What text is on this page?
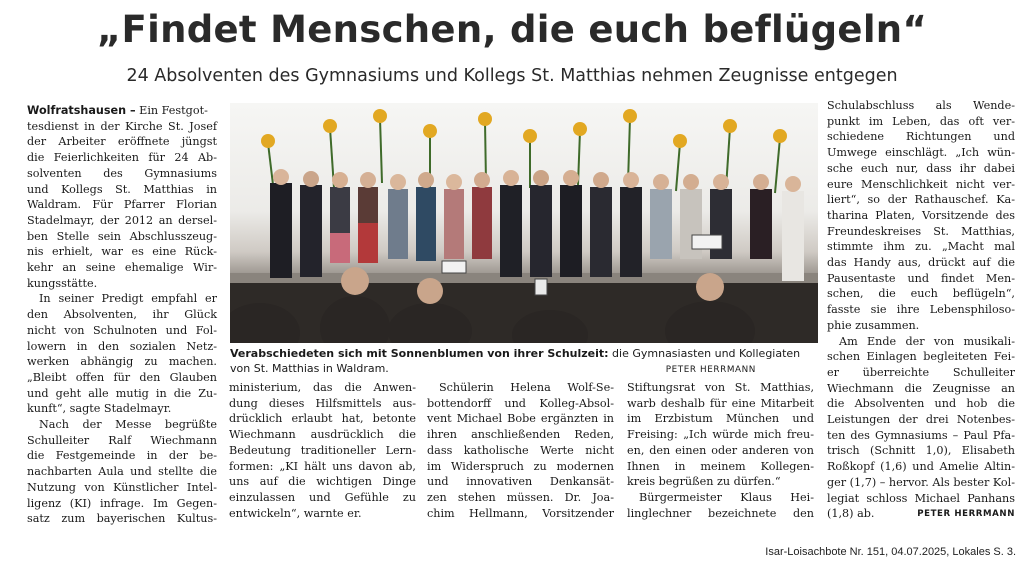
„Findet Menschen, die euch beflügeln“
24 Absolventen des Gymnasiums und Kollegs St. Matthias nehmen Zeugnisse entgegen
Wolfratshausen – Ein Festgot-
tesdienst in der Kirche St. Josef
der Arbeiter eröffnete jüngst
die Feierlichkeiten für 24 Ab-
solventen des Gymnasiums
und Kollegs St. Matthias in
Waldram. Für Pfarrer Florian
Stadelmayr, der 2012 an dersel-
ben Stelle sein Abschlusszeug-
nis erhielt, war es eine Rück-
kehr an seine ehemalige Wir-
kungsstätte.
In seiner Predigt empfahl er
den Absolventen, ihr Glück
nicht von Schulnoten und Fol-
lowern in den sozialen Netz-
werken abhängig zu machen.
„Bleibt offen für den Glauben
und geht alle mutig in die Zu-
kunft“, sagte Stadelmayr.
Nach der Messe begrüßte
Schulleiter Ralf Wiechmann
die Festgemeinde in der be-
nachbarten Aula und stellte die
Nutzung von Künstlicher Intel-
ligenz (KI) infrage. Im Gegen-
satz zum bayerischen Kultus-
Verabschiedeten sich mit Sonnenblumen von ihrer Schulzeit: die Gymnasiasten und Kollegiaten
von St. Matthias in Waldram.	PETER HERRMANN
ministerium, das die Anwen-
dung dieses Hilfsmittels aus-
drücklich erlaubt hat, betonte
Wiechmann ausdrücklich die
Bedeutung traditioneller Lern-
formen: „KI hält uns davon ab,
uns auf die wichtigen Dinge
einzulassen und Gefühle zu
entwickeln“, warnte er.
Schülerin Helena Wolf-Se-
bottendorff und Kolleg-Absol-
vent Michael Bobe ergänzten in
ihren anschließenden Reden,
dass katholische Werte nicht
im Widerspruch zu modernen
und innovativen Denkansät-
zen stehen müssen. Dr. Joa-
chim Hellmann, Vorsitzender
Stiftungsrat von St. Matthias,
warb deshalb für eine Mitarbeit
im Erzbistum München und
Freising: „Ich würde mich freu-
en, den einen oder anderen von
Ihnen in meinem Kollegen-
kreis begrüßen zu dürfen.“
Bürgermeister Klaus Hei-
linglechner bezeichnete den
Schulabschluss als Wende-
punkt im Leben, das oft ver-
schiedene Richtungen und
Umwege einschlägt. „Ich wün-
sche euch nur, dass ihr dabei
eure Menschlichkeit nicht ver-
liert“, so der Rathauschef. Ka-
tharina Platen, Vorsitzende des
Freundeskreises St. Matthias,
stimmte ihm zu. „Macht mal
das Handy aus, drückt auf die
Pausentaste und findet Men-
schen, die euch beflügeln“,
fasste sie ihre Lebensphiloso-
phie zusammen.
Am Ende der von musikali-
schen Einlagen begleiteten Fei-
er überreichte Schulleiter
Wiechmann die Zeugnisse an
die Absolventen und hob die
Leistungen der drei Notenbes-
ten des Gymnasiums – Paul Pfa-
trisch (Schnitt 1,0), Elisabeth
Roßkopf (1,6) und Amelie Altin-
ger (1,7) – hervor. Als bester Kol-
legiat schloss Michael Panhans
(1,8) ab.	PETER HERRMANN
Isar-Loisachbote Nr. 151, 04.07.2025, Lokales S. 3.
